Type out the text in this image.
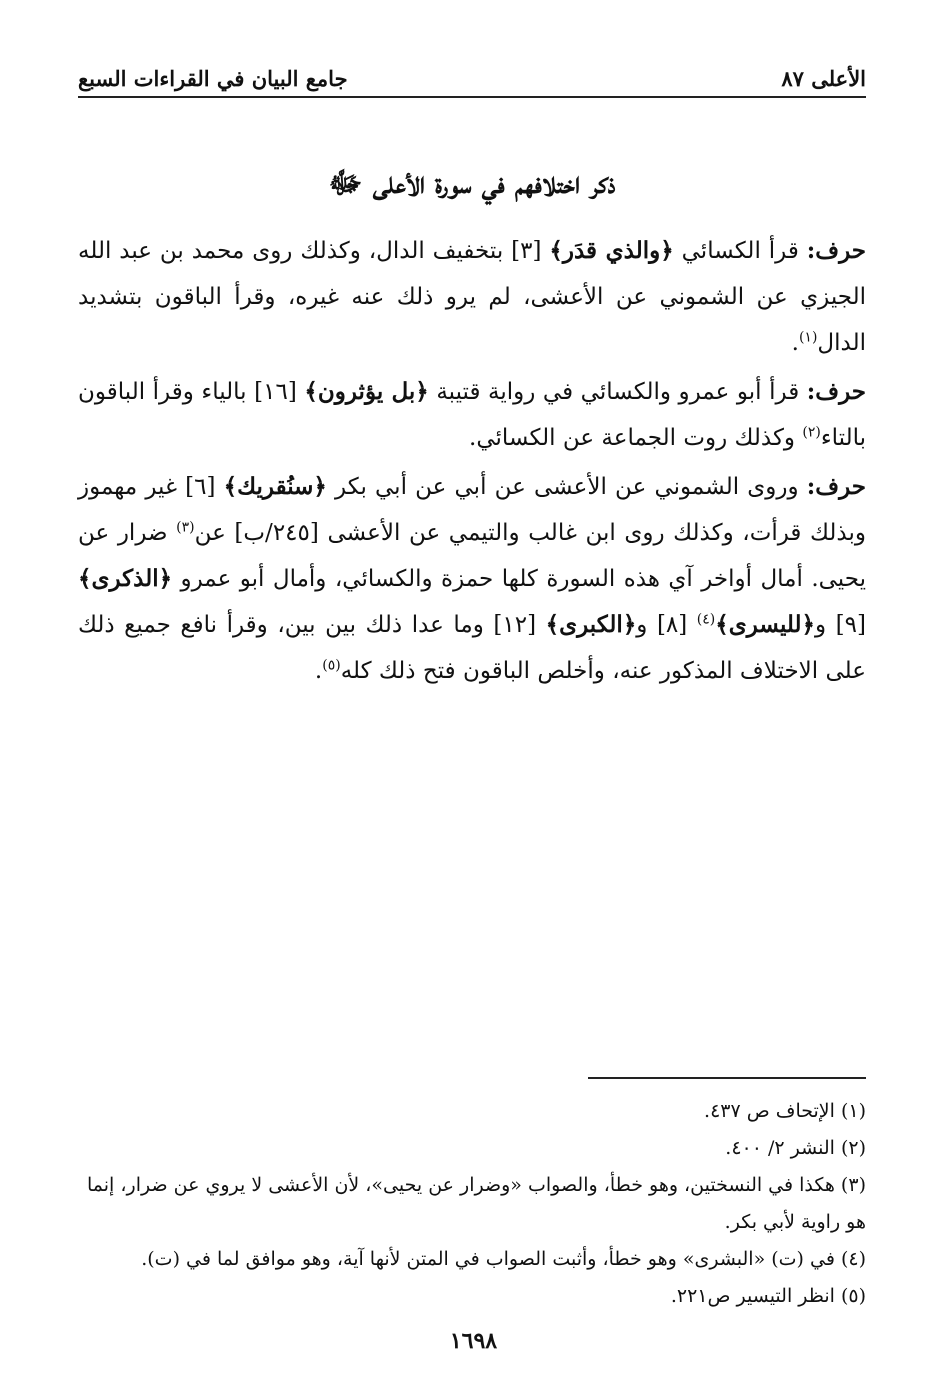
الأعلى ٨٧
جامع البيان في القراءات السبع
ذكر اختلافهم في سورة الأعلى ﷻ

حرف: قرأ الكسائي ﴿والذي قدَر﴾ [٣] بتخفيف الدال، وكذلك روى محمد بن عبد الله الجيزي عن الشموني عن الأعشى، لم يرو ذلك عنه غيره، وقرأ الباقون بتشديد الدال$^{(١)}$.

حرف: قرأ أبو عمرو والكسائي في رواية قتيبة ﴿بل يؤثرون﴾ [١٦] بالياء وقرأ الباقون بالتاء$^{(٢)}$ وكذلك روت الجماعة عن الكسائي.

حرف: وروى الشموني عن الأعشى عن أبي عن أبي بكر ﴿سنُقريك﴾ [٦] غير مهموز وبذلك قرأت، وكذلك روى ابن غالب والتيمي عن الأعشى [٢٤٥/ب] عن$^{(٣)}$ ضرار عن يحيى. أمال أواخر آي هذه السورة كلها حمزة والكسائي، وأمال أبو عمرو ﴿الذكرى﴾ [٩] و﴿لليسرى﴾$^{(٤)}$ [٨] و﴿الكبرى﴾ [١٢] وما عدا ذلك بين بين، وقرأ نافع جميع ذلك على الاختلاف المذكور عنه، وأخلص الباقون فتح ذلك كله$^{(٥)}$.

(١) الإتحاف ص ٤٣٧.

(٢) النشر ٢/ ٤٠٠.

(٣) هكذا في النسختين، وهو خطأ، والصواب «وضرار عن يحيى»، لأن الأعشى لا يروي عن ضرار، إنما هو راوية لأبي بكر.

(٤) في (ت) «البشرى» وهو خطأ، وأثبت الصواب في المتن لأنها آية، وهو موافق لما في (ت).

(٥) انظر التيسير ص٢٢١.

١٦٩٨
